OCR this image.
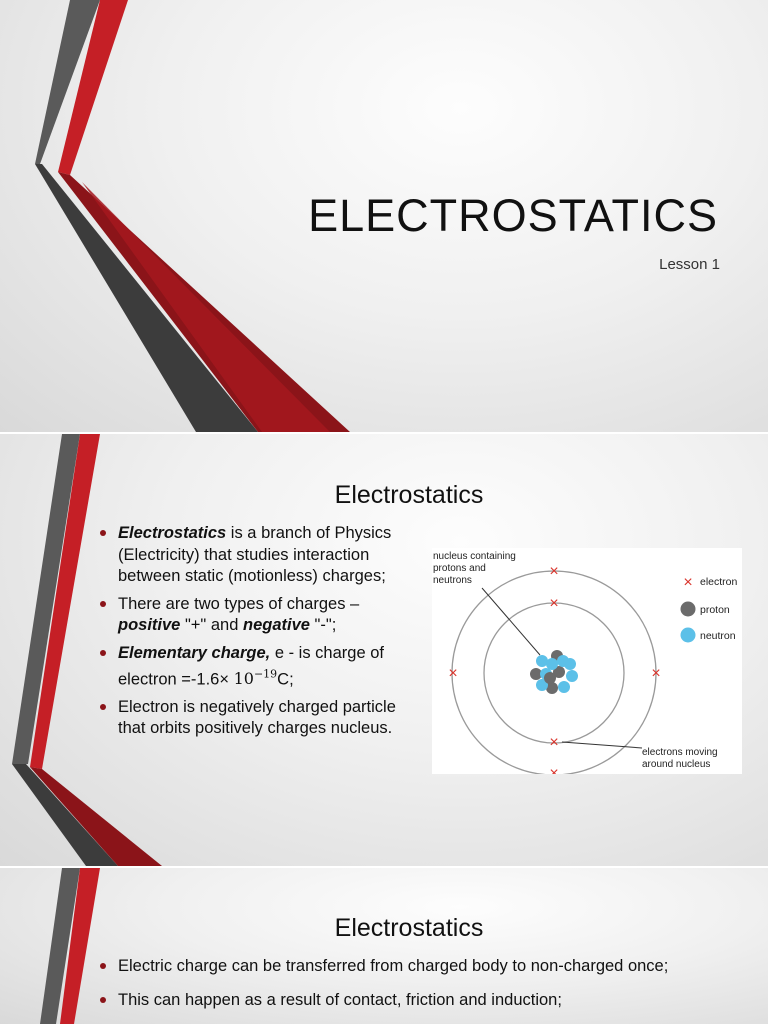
ELECTROSTATICS
Lesson 1
Electrostatics
Electrostatics is a branch of Physics (Electricity) that studies interaction between static (motionless) charges;
There are two types of charges – positive "+" and negative "-";
Elementary charge, e - is charge of electron $=-1.6\times 10^{-19}C$;
Electron is negatively charged particle that orbits positively charges nucleus.
×
×
×	×
×
×
nucleus containing
protons and
neutrons	× electron
proton
neutron
electrons moving
around nucleus
Electrostatics
Electric charge can be transferred from charged body to non-charged once;
This can happen as a result of contact, friction and induction;
